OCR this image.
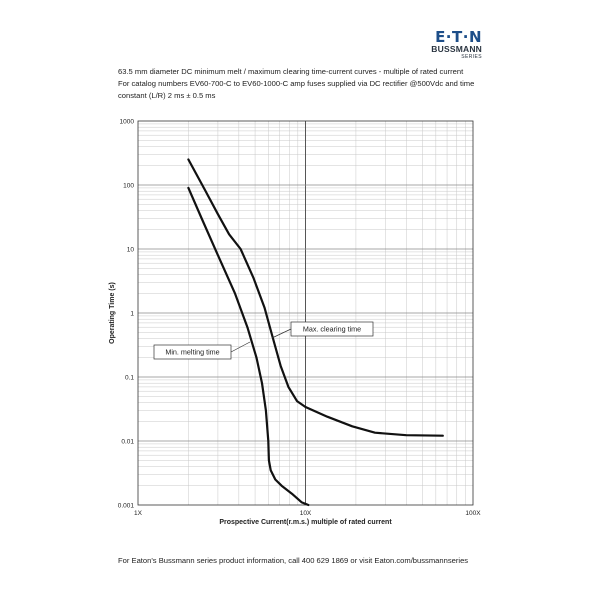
E·T·N
BUSSMANN
SERIES
63.5 mm diameter DC minimum melt / maximum clearing time-current curves - multiple of rated current
For catalog numbers EV60-700-C to EV60-1000-C amp fuses supplied via DC rectifier @500Vdc and time
constant (L/R) 2 ms ± 0.5 ms
1000
100
10
1
0.1
0.01
0.001
1X	10X	100X
Min. melting time
Max. clearing time
Prospective Current(r.m.s.) multiple of rated current
Operating Time (s)
For Eaton's Bussmann series product information, call 400 629 1869 or visit Eaton.com/bussmannseries
